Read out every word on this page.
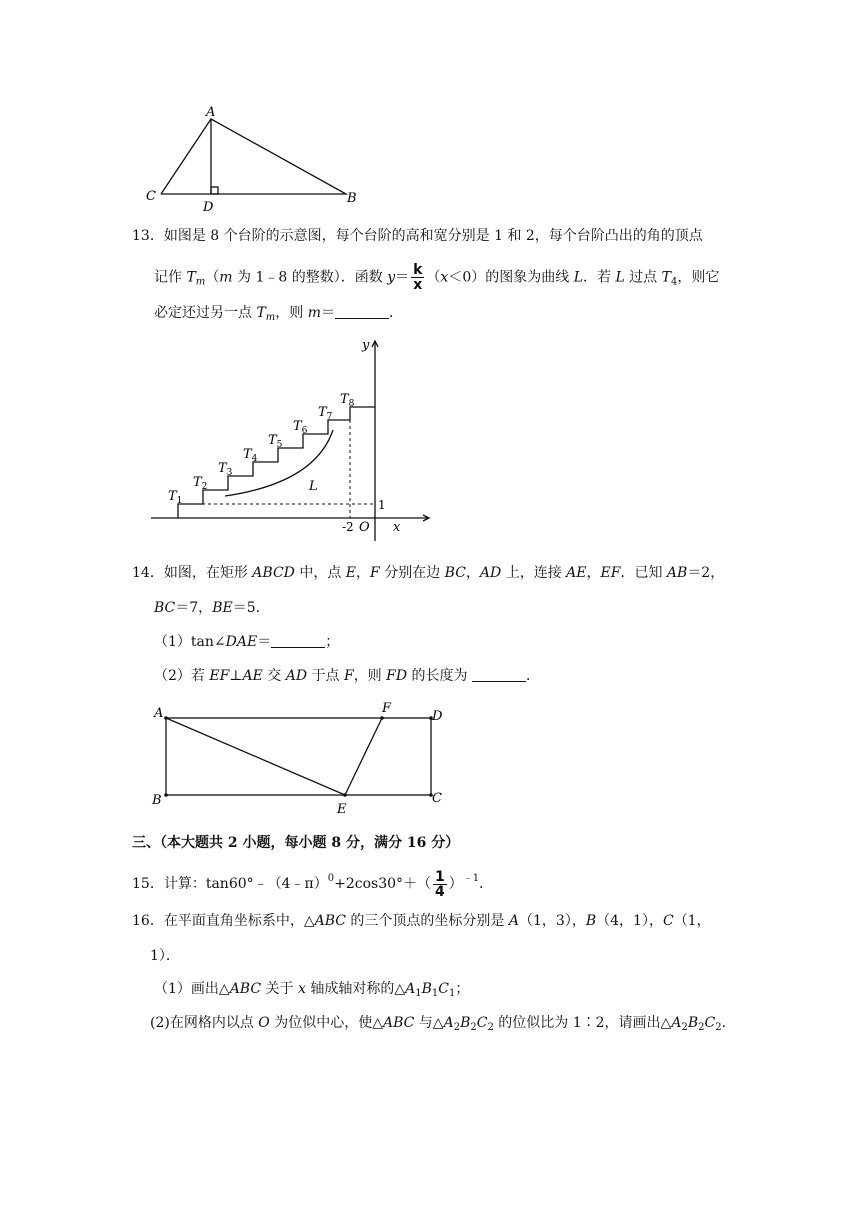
A
C	B
D
13．如图是 8 个台阶的示意图，每个台阶的高和宽分别是 1 和 2，每个台阶凸出的角的顶点
记作 $T_m(m$ 为 1﹣8 的整数）．函数 $y= \frac{k}{x} (x<0)$的图象为曲线 L．若 L 过点 $T_4$，则它
必定还过另一点 $T_m$，则 m＝	．
y
x
O
-2
1
L
$T_1$
$T_2$
$T_3$
$T_4$
$T_5$
$T_6$
$T_7$
$T_8$
14．如图，在矩形 ABCD 中，点 E，F 分别在边 BC，AD 上，连接 AE，EF．已知 AB＝2，
BC＝7，BE＝5．
（1）tan∠DAE＝	；
（2）若 EF⊥AE 交 AD 于点 F，则 FD 的长度为	．
A	F
D
B
E
C
三、（本大题共 2 小题，每小题 8 分，满分 16 分）
15．计算：tan60°﹣（4﹣π）$^0$+2cos30°＋（ $\frac{1}{4} )^{﹣1}$．
16．在平面直角坐标系中，△ABC 的三个顶点的坐标分别是 A（1，3），B（4，1），C（1，
1）．
（1）画出△ABC 关于 x 轴成轴对称的$\triangle A_1B_1C_1$；
(2)在网格内以点 O 为位似中心，使△ABC 与$\triangle A_2B_2C_2$ 的位似比为 1∶2，请画出$\triangle A_2B_2C_2$．
